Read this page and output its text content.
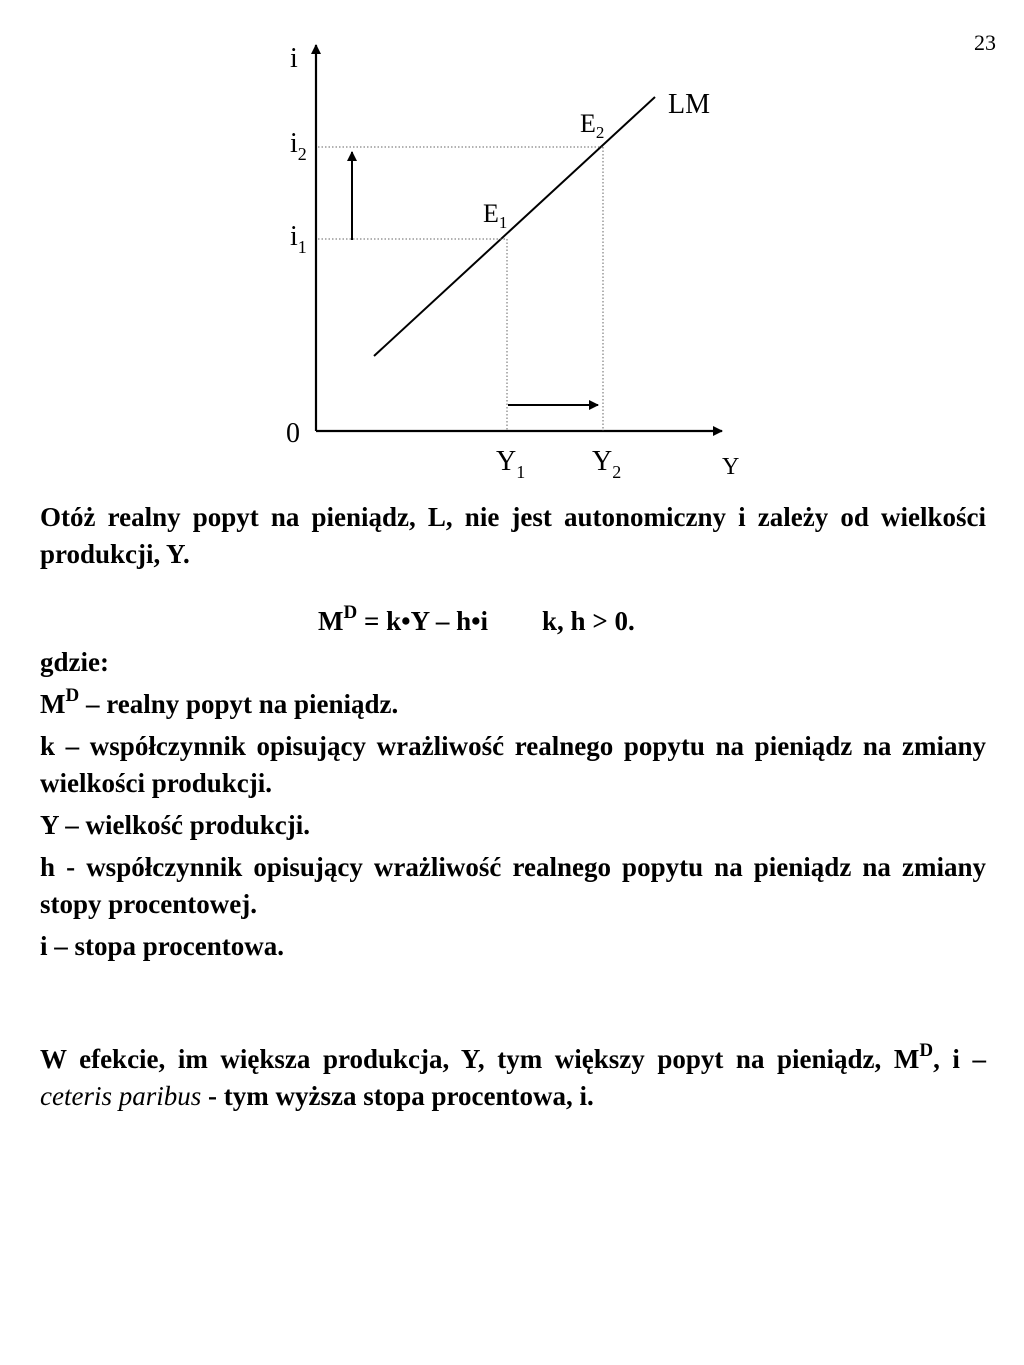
23
i
Y
0
LM
$E_2$
$E_1$
$i_2$
$i_1$
$Y_1$ $Y_2$

Otóż realny popyt na pieniądz, L, nie jest autonomiczny i zależy od wielkości produkcji, Y.

$M^D$ = k•Y – h•i        k, h > 0.

gdzie:

$M^D$ – realny popyt na pieniądz.

k – współczynnik opisujący wrażliwość realnego popytu na pieniądz na zmiany wielkości produkcji.

Y – wielkość produkcji.

h - współczynnik opisujący wrażliwość realnego popytu na pieniądz na zmiany stopy procentowej.

i – stopa procentowa.

W efekcie, im większa produkcja, Y, tym większy popyt na pieniądz, $M^D$, i – ceteris paribus - tym wyższa stopa procentowa, i.
